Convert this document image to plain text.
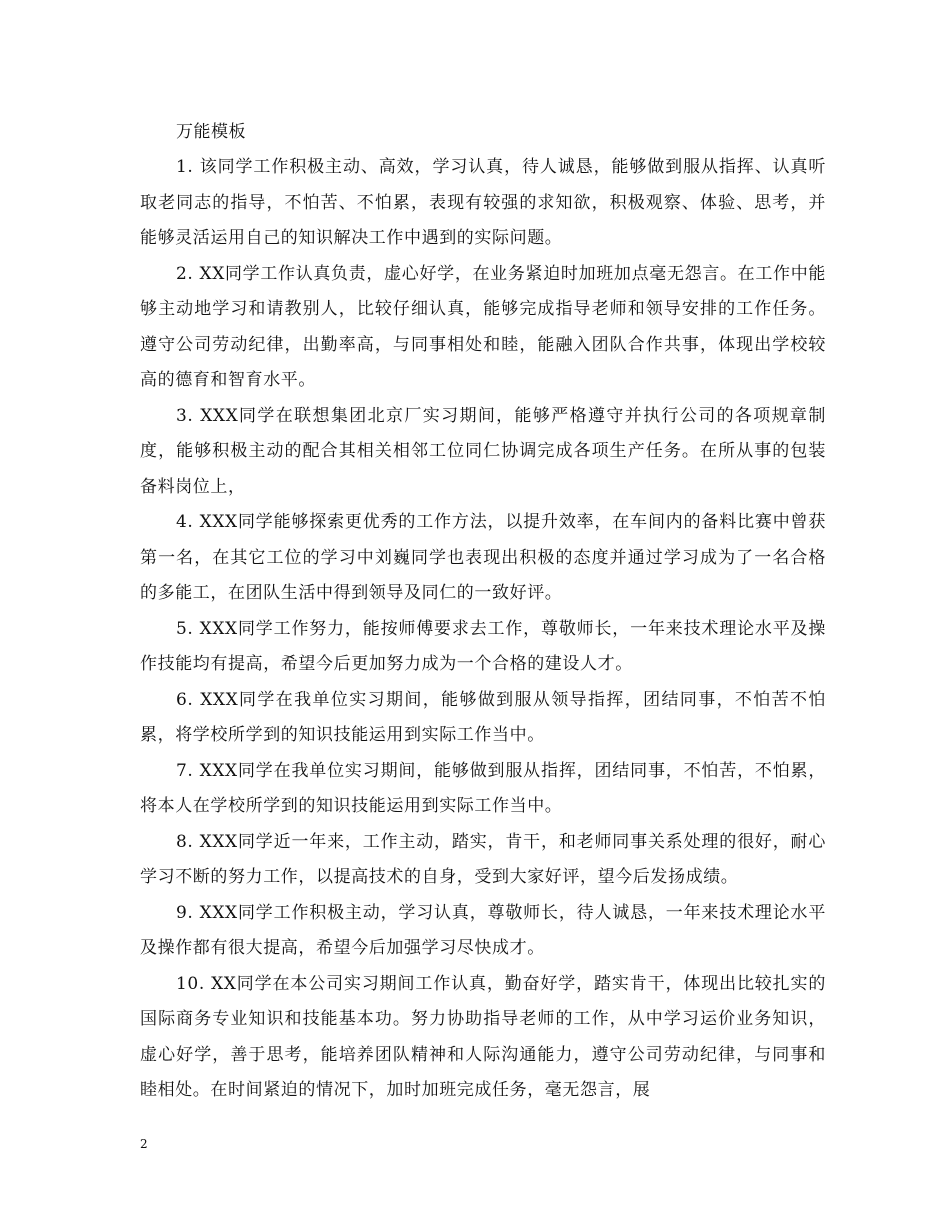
万能模板

1. 该同学工作积极主动、高效，学习认真，待人诚恳，能够做到服从指挥、认真听取老同志的指导，不怕苦、不怕累，表现有较强的求知欲，积极观察、体验、思考，并能够灵活运用自己的知识解决工作中遇到的实际问题。

2. XX同学工作认真负责，虚心好学，在业务紧迫时加班加点毫无怨言。在工作中能够主动地学习和请教别人，比较仔细认真，能够完成指导老师和领导安排的工作任务。遵守公司劳动纪律，出勤率高，与同事相处和睦，能融入团队合作共事，体现出学校较高的德育和智育水平。

3. XXX同学在联想集团北京厂实习期间，能够严格遵守并执行公司的各项规章制度，能够积极主动的配合其相关相邻工位同仁协调完成各项生产任务。在所从事的包装备料岗位上，

4. XXX同学能够探索更优秀的工作方法，以提升效率，在车间内的备料比赛中曾获第一名，在其它工位的学习中刘巍同学也表现出积极的态度并通过学习成为了一名合格的多能工，在团队生活中得到领导及同仁的一致好评。

5. XXX同学工作努力，能按师傅要求去工作，尊敬师长，一年来技术理论水平及操作技能均有提高，希望今后更加努力成为一个合格的建设人才。

6. XXX同学在我单位实习期间，能够做到服从领导指挥，团结同事，不怕苦不怕累，将学校所学到的知识技能运用到实际工作当中。

7. XXX同学在我单位实习期间，能够做到服从指挥，团结同事，不怕苦，不怕累，将本人在学校所学到的知识技能运用到实际工作当中。

8. XXX同学近一年来，工作主动，踏实，肯干，和老师同事关系处理的很好，耐心学习不断的努力工作，以提高技术的自身，受到大家好评，望今后发扬成绩。

9. XXX同学工作积极主动，学习认真，尊敬师长，待人诚恳，一年来技术理论水平及操作都有很大提高，希望今后加强学习尽快成才。

10. XX同学在本公司实习期间工作认真，勤奋好学，踏实肯干，体现出比较扎实的国际商务专业知识和技能基本功。努力协助指导老师的工作，从中学习运价业务知识，虚心好学，善于思考，能培养团队精神和人际沟通能力，遵守公司劳动纪律，与同事和睦相处。在时间紧迫的情况下，加时加班完成任务，毫无怨言，展

2
